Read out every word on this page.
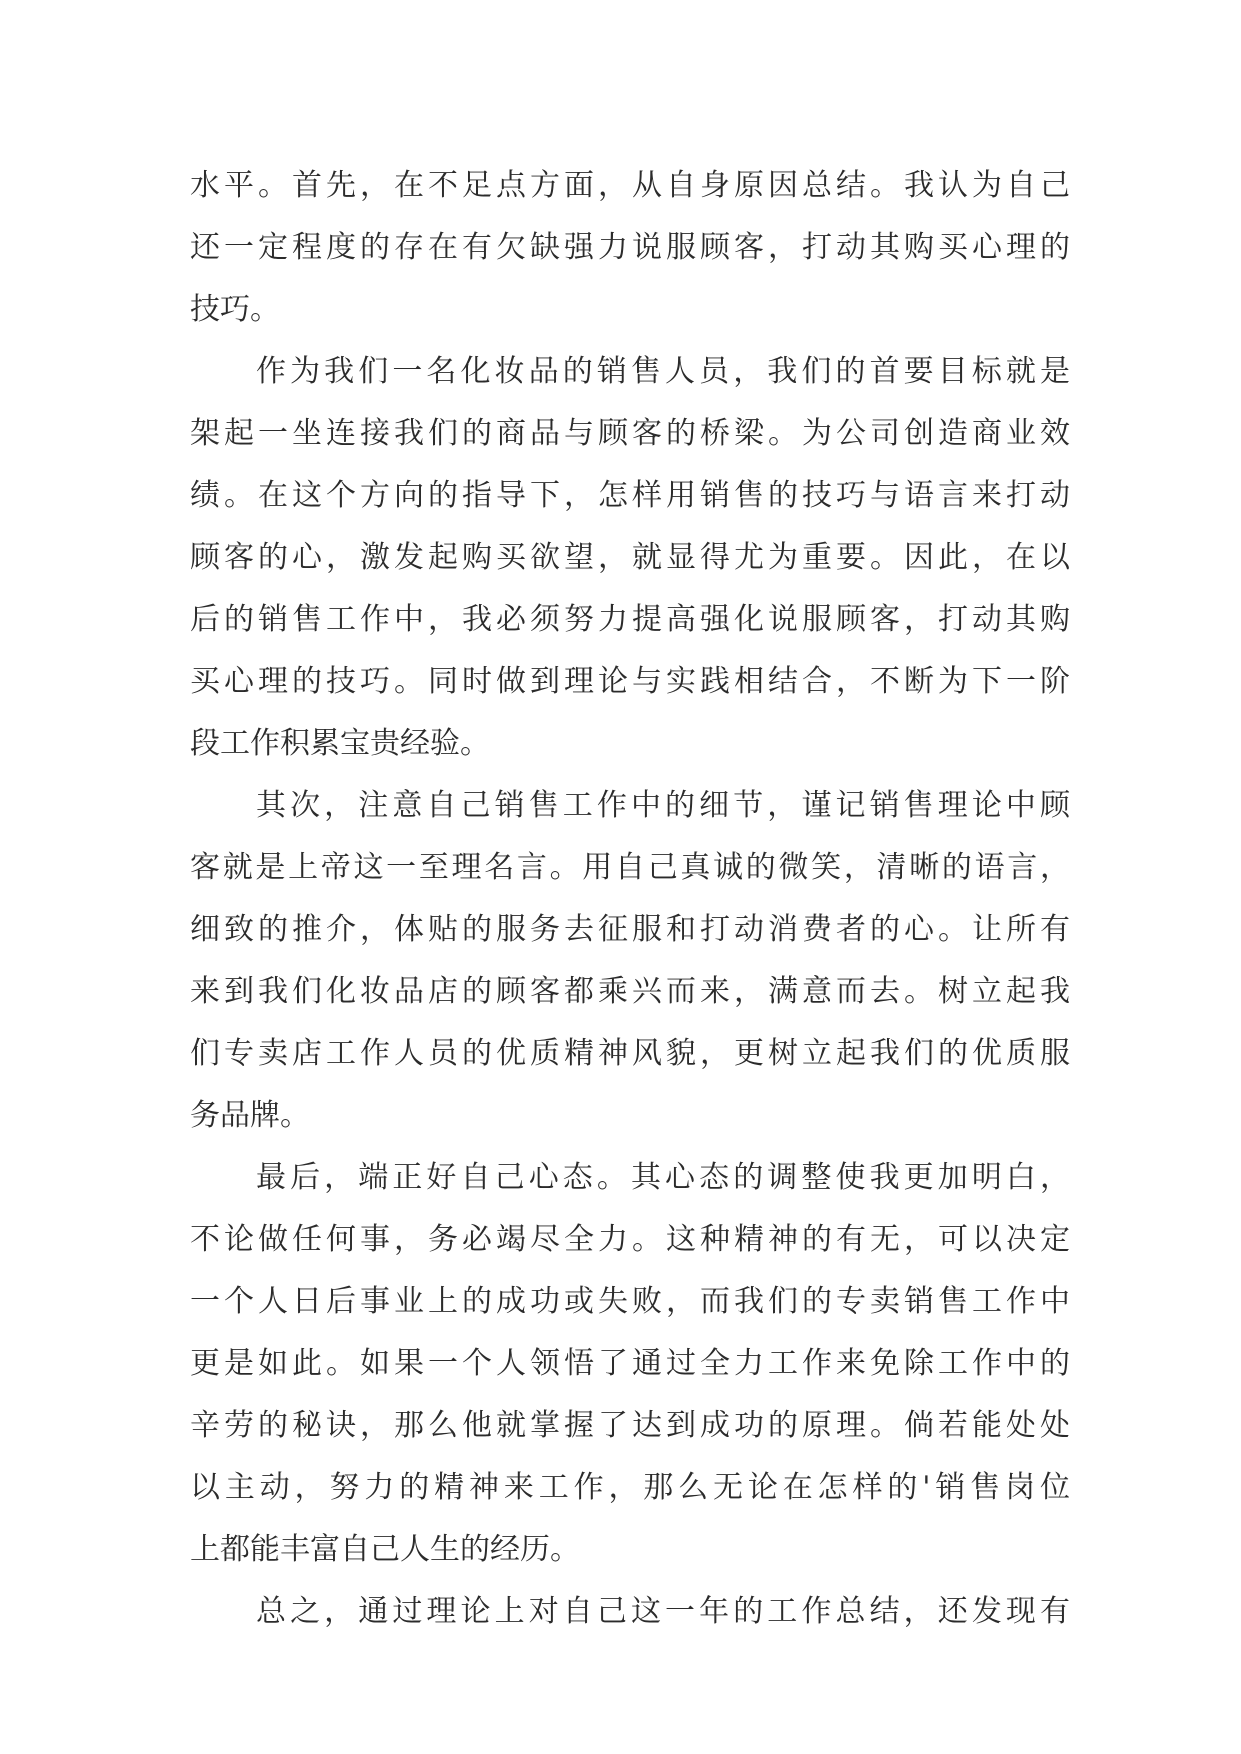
水平。首先，在不足点方面，从自身原因总结。我认为自己
还一定程度的存在有欠缺强力说服顾客，打动其购买心理的
技巧。
作为我们一名化妆品的销售人员，我们的首要目标就是
架起一坐连接我们的商品与顾客的桥梁。为公司创造商业效
绩。在这个方向的指导下，怎样用销售的技巧与语言来打动
顾客的心，激发起购买欲望，就显得尤为重要。因此，在以
后的销售工作中，我必须努力提高强化说服顾客，打动其购
买心理的技巧。同时做到理论与实践相结合，不断为下一阶
段工作积累宝贵经验。
其次，注意自己销售工作中的细节，谨记销售理论中顾
客就是上帝这一至理名言。用自己真诚的微笑，清晰的语言，
细致的推介，体贴的服务去征服和打动消费者的心。让所有
来到我们化妆品店的顾客都乘兴而来，满意而去。树立起我
们专卖店工作人员的优质精神风貌，更树立起我们的优质服
务品牌。
最后，端正好自己心态。其心态的调整使我更加明白，
不论做任何事，务必竭尽全力。这种精神的有无，可以决定
一个人日后事业上的成功或失败，而我们的专卖销售工作中
更是如此。如果一个人领悟了通过全力工作来免除工作中的
辛劳的秘诀，那么他就掌握了达到成功的原理。倘若能处处
以主动，努力的精神来工作，那么无论在怎样的'销售岗位
上都能丰富自己人生的经历。
总之，通过理论上对自己这一年的工作总结，还发现有
